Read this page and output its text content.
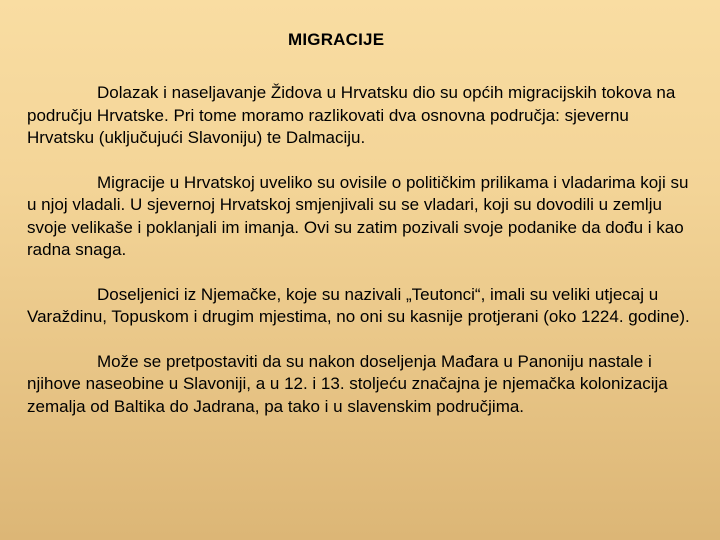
MIGRACIJE

Dolazak i naseljavanje Židova u Hrvatsku dio su općih migracijskih tokova na području Hrvatske. Pri tome moramo razlikovati dva osnovna područja: sjevernu Hrvatsku (uključujući Slavoniju) te Dalmaciju.

Migracije u Hrvatskoj uveliko su ovisile o političkim prilikama i vladarima koji su u njoj vladali. U sjevernoj Hrvatskoj smjenjivali su se vladari, koji su dovodili u zemlju svoje velikaše i poklanjali im imanja. Ovi su zatim pozivali svoje podanike da dođu i kao radna snaga.

Doseljenici iz Njemačke, koje su nazivali „Teutonci“, imali su veliki utjecaj u Varaždinu, Topuskom i drugim mjestima, no oni su kasnije protjerani (oko 1224. godine).

Može se pretpostaviti da su nakon doseljenja Mađara u Panoniju nastale i njihove naseobine u Slavoniji, a u 12. i 13. stoljeću značajna je njemačka kolonizacija zemalja od Baltika do Jadrana, pa tako i u slavenskim područjima.
